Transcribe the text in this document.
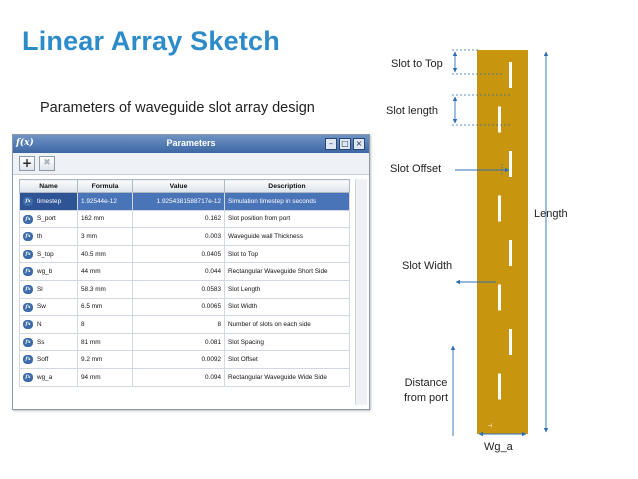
Linear Array Sketch
Parameters of waveguide slot array design
f(x)	Parameters	–	□ ×
+	✖
Name	Formula	Value	Description

fx timestep	1.92544e-12	1.9254381588717e-12	Simulation timestep in seconds

fx S_port	162 mm	0.162	Slot position from port

fx th	3 mm	0.003	Waveguide wall Thickness

fx S_top	40.5 mm	0.0405	Slot to Top

fx wg_b	44 mm	0.044	Rectangular Waveguide Short Side

fx Sl	58.3 mm	0.0583	Slot Length

fx Sw	6.5 mm	0.0065	Slot Width

fx N	8	8	Number of slots on each side

fx Ss	81 mm	0.081	Slot Spacing

fx Soff	9.2 mm	0.0092	Slot Offset

fx wg_a	94 mm	0.094	Rectangular Waveguide Wide Side
⊥
Slot to Top
Slot length
Slot Offset
Length
Slot Width
Distance
from port
Wg_a
